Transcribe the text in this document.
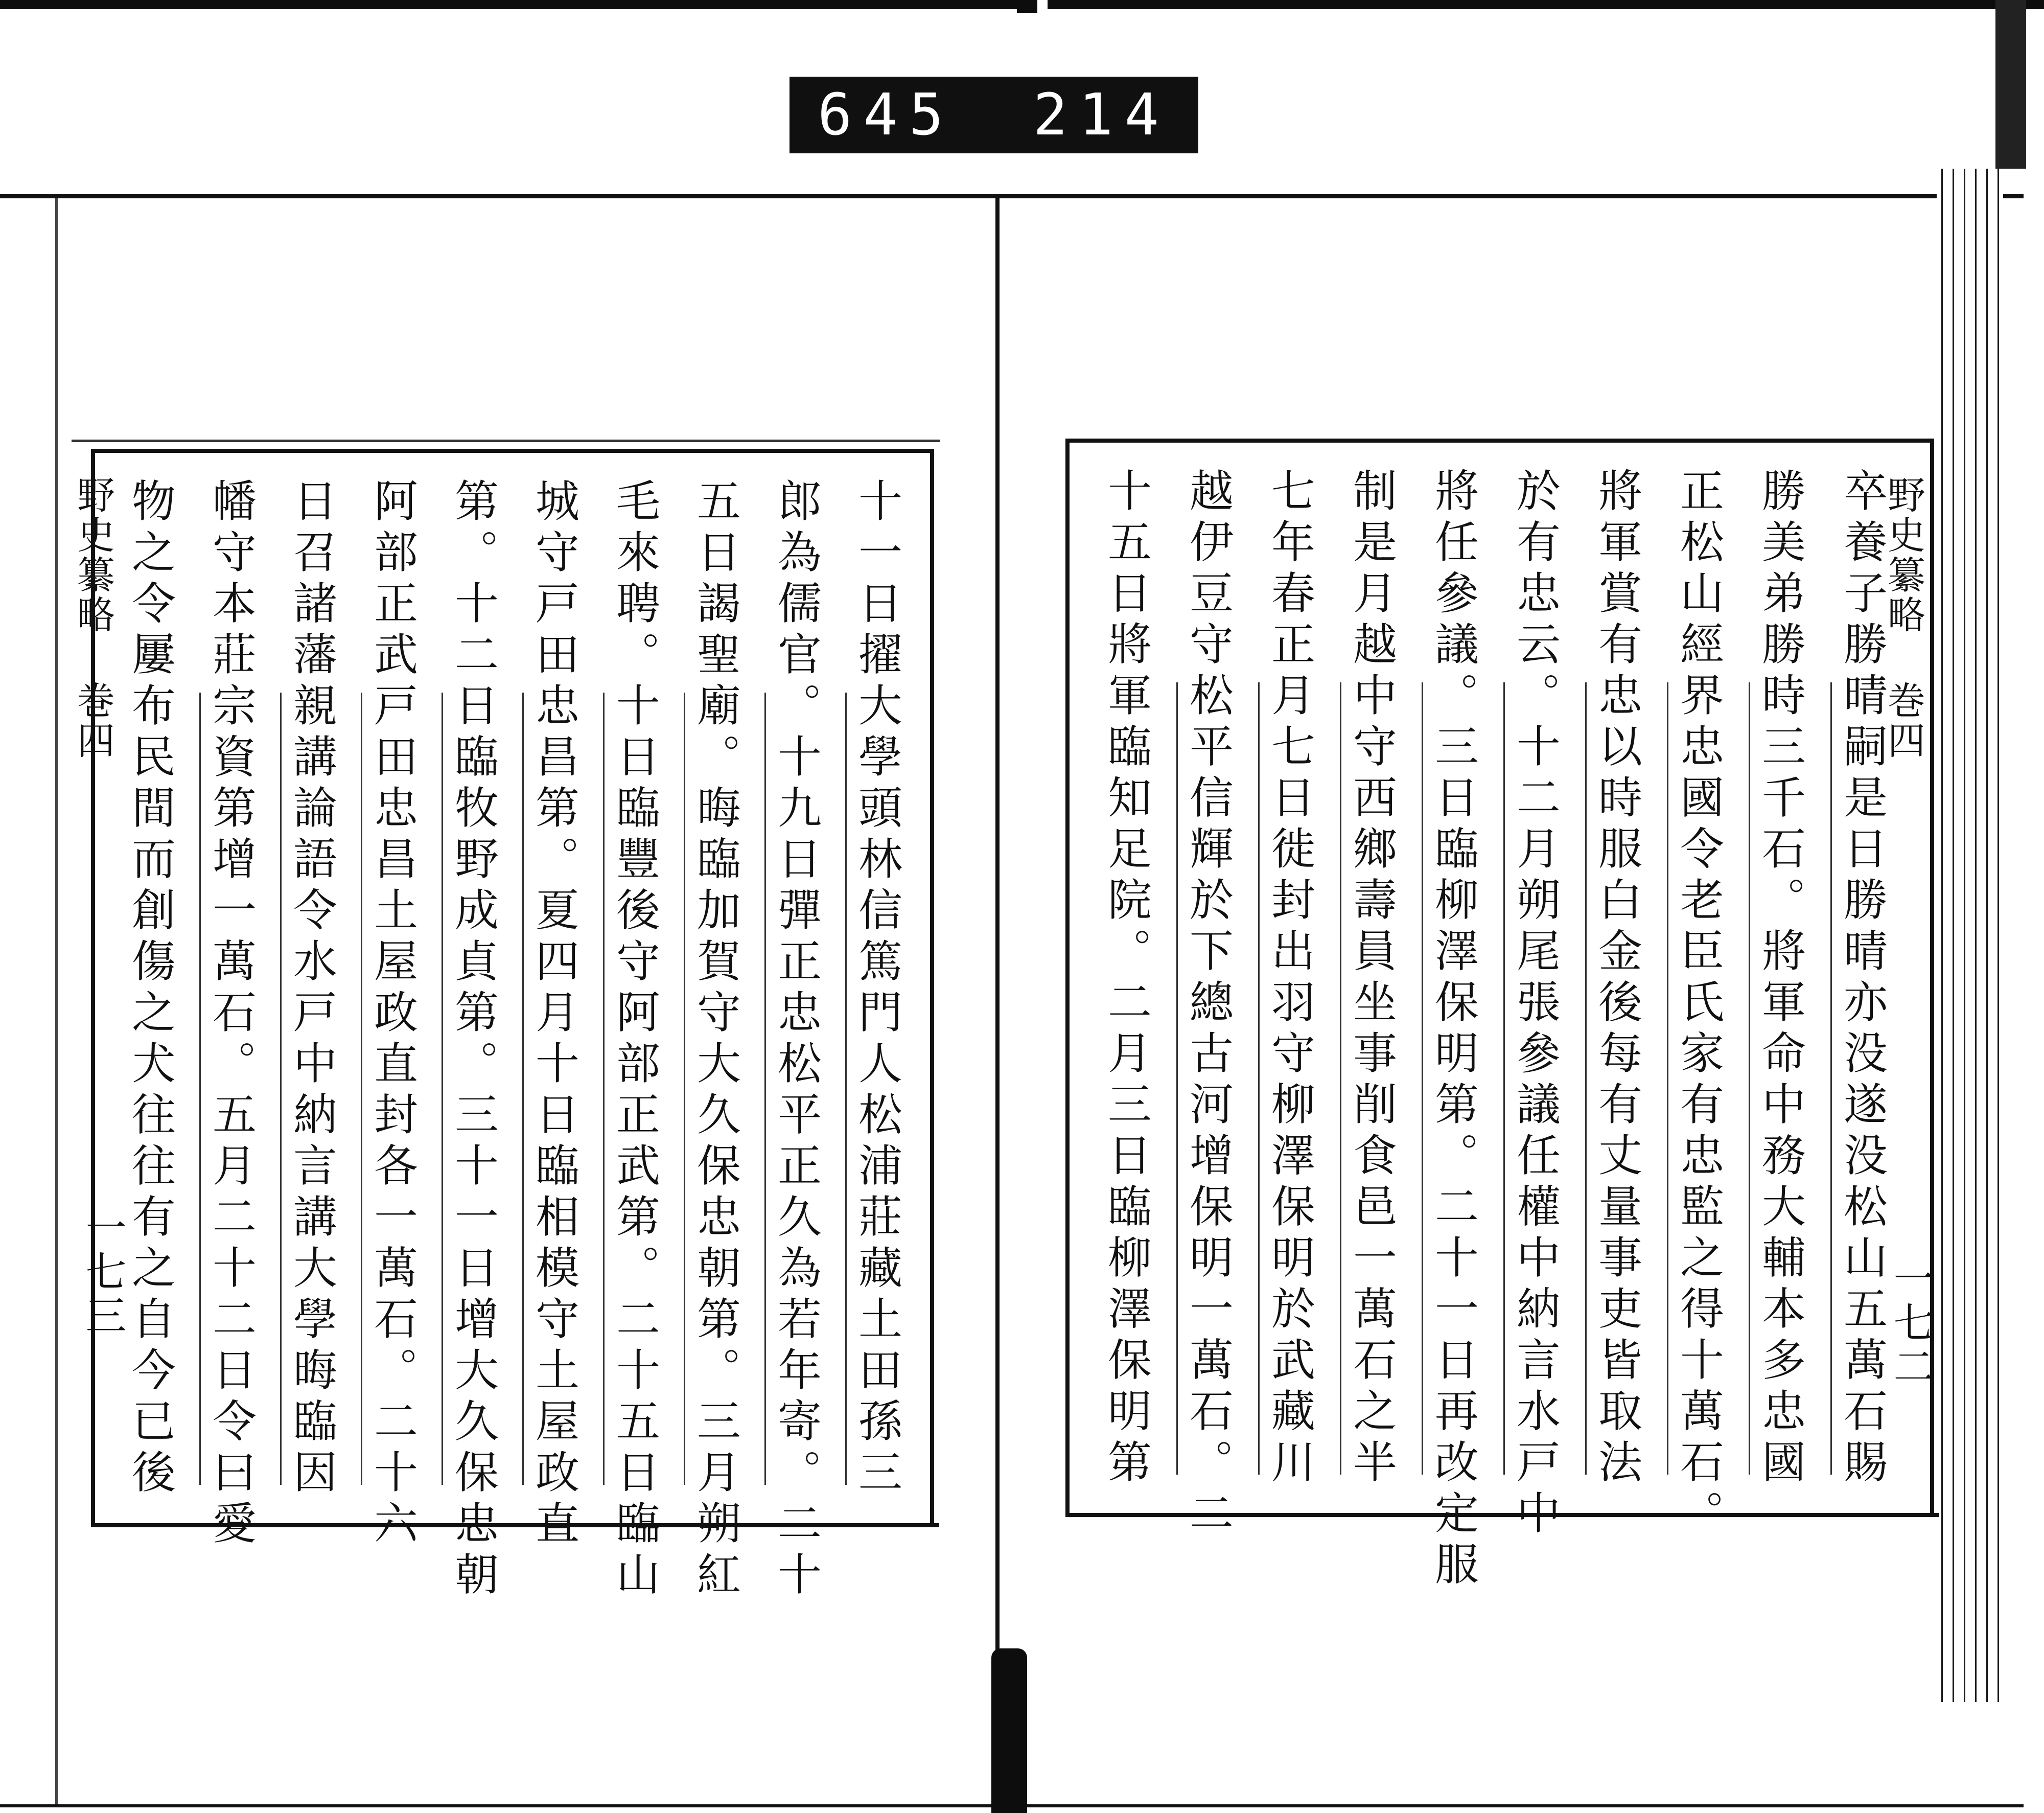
645 214
野史纂略 巻四
一七三	十一日擢大學頭林信篤門人松浦莊藏土田孫三
郎為儒官。十九日彈正忠松平正久為若年寄。二十
五日謁聖廟。晦臨加賀守大久保忠朝第。三月朔紅
毛來聘。十日臨豐後守阿部正武第。二十五日臨山
城守戸田忠昌第。夏四月十日臨相模守土屋政直
第。十二日臨牧野成貞第。三十一日增大久保忠朝
阿部正武戸田忠昌土屋政直封各一萬石。二十六
日召諸藩親講論語令水戸中納言講大學晦臨因
幡守本莊宗資第增一萬石。五月二十二日令曰愛
物之令屢布民間而創傷之犬往往有之自今已後	野史纂略 巻四
一七二
卒養子勝晴嗣是日勝晴亦没遂没松山五萬石賜
勝美弟勝時三千石。將軍命中務大輔本多忠國
正松山經界忠國令老臣氏家有忠監之得十萬石。
將軍賞有忠以時服白金後每有丈量事吏皆取法
於有忠云。十二月朔尾張參議任權中納言水戸中
將任參議。三日臨柳澤保明第。二十一日再改定服
制是月越中守西鄉壽員坐事削食邑一萬石之半
七年春正月七日徙封出羽守柳澤保明於武藏川
越伊豆守松平信輝於下總古河增保明一萬石。二
十五日將軍臨知足院。二月三日臨柳澤保明第
